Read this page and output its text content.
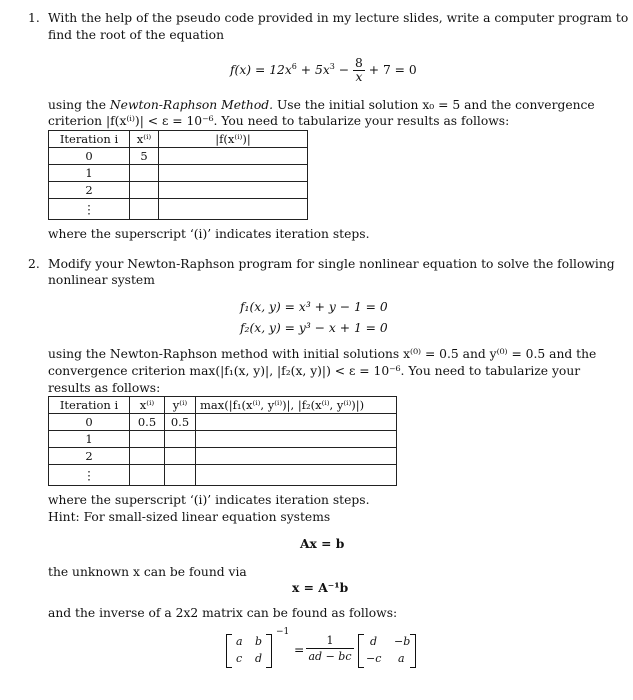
1. With the help of the pseudo code provided in my lecture slides, write a computer program to
find the root of the equation
$f(x) = 12x^6 + 5x^3 - \frac{8}{x} + 7 = 0$
using the Newton-Raphson Method. Use the initial solution x₀ = 5 and the convergence
criterion |f(x⁽ⁱ⁾)| < ε = 10⁻⁶. You need to tabularize your results as follows:
Iteration i	x⁽ⁱ⁾	|f(x⁽ⁱ⁾)|
0	5	
1		
2		
⋮		
where the superscript ‘(i)’ indicates iteration steps.
2. Modify your Newton-Raphson program for single nonlinear equation to solve the following
nonlinear system
f₁(x, y) = x³ + y − 1 = 0
f₂(x, y) = y³ − x + 1 = 0
using the Newton-Raphson method with initial solutions x⁽⁰⁾ = 0.5 and y⁽⁰⁾ = 0.5 and the
convergence criterion max(|f₁(x, y)|, |f₂(x, y)|) < ε = 10⁻⁶. You need to tabularize your
results as follows:
Iteration i	x⁽ⁱ⁾	y⁽ⁱ⁾	max(|f₁(x⁽ⁱ⁾, y⁽ⁱ⁾)|, |f₂(x⁽ⁱ⁾, y⁽ⁱ⁾)|)
0	0.5	0.5	
1			
2			
⋮			
where the superscript ‘(i)’ indicates iteration steps.
Hint: For small-sized linear equation systems
Ax = b
the unknown x can be found via
x = A⁻¹b
and the inverse of a 2x2 matrix can be found as follows:
a b
c d
−1
= $\frac{1}{ad - bc}$ d −b
−c a
